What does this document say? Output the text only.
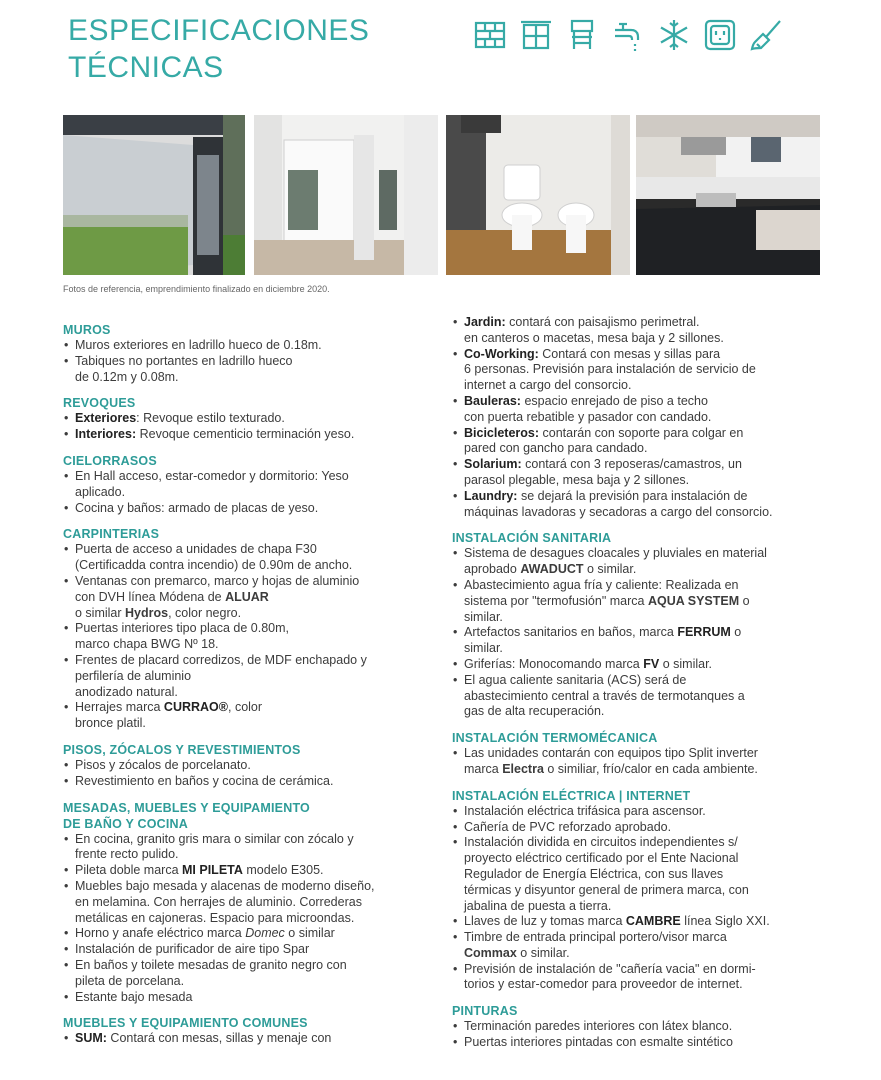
ESPECIFICACIONES
TÉCNICAS
Fotos de referencia, emprendimiento finalizado en diciembre 2020.
MUROS
• Muros exteriores en ladrillo hueco de 0.18m.
• Tabiques no portantes en ladrillo hueco
de 0.12m y 0.08m.
REVOQUES
• Exteriores: Revoque estilo texturado.
• Interiores: Revoque cementicio terminación yeso.
CIELORRASOS
• En Hall acceso, estar-comedor y dormitorio: Yeso
aplicado.
• Cocina y baños: armado de placas de yeso.
CARPINTERIAS
• Puerta de acceso a unidades de chapa F30
(Certificadda contra incendio) de 0.90m de ancho.
• Ventanas con premarco, marco y hojas de aluminio
con DVH línea Módena de ALUAR
o similar Hydros, color negro.
• Puertas interiores tipo placa de 0.80m,
marco chapa BWG Nº 18.
• Frentes de placard corredizos, de MDF enchapado y
perfilería de aluminio
anodizado natural.
• Herrajes marca CURRAO®, color
bronce platil.
PISOS, ZÓCALOS Y REVESTIMIENTOS
• Pisos y zócalos de porcelanato.
• Revestimiento en baños y cocina de cerámica.
MESADAS, MUEBLES Y EQUIPAMIENTO
DE BAÑO Y COCINA
• En cocina, granito gris mara o similar con zócalo y
frente recto pulido.
• Pileta doble marca MI PILETA modelo E305.
• Muebles bajo mesada y alacenas de moderno diseño,
en melamina. Con herrajes de aluminio. Correderas
metálicas en cajoneras. Espacio para microondas.
• Horno y anafe eléctrico marca Domec o similar
• Instalación de purificador de aire tipo Spar
• En baños y toilete mesadas de granito negro con
pileta de porcelana.
• Estante bajo mesada
MUEBLES Y EQUIPAMIENTO COMUNES
• SUM: Contará con mesas, sillas y menaje con
• Jardin: contará con paisajismo perimetral.
en canteros o macetas, mesa baja y 2 sillones.
• Co-Working: Contará con mesas y sillas para
6 personas. Previsión para instalación de servicio de
internet a cargo del consorcio.
• Bauleras: espacio enrejado de piso a techo
con puerta rebatible y pasador con candado.
• Bicicleteros: contarán con soporte para colgar en
pared con gancho para candado.
• Solarium: contará con 3 reposeras/camastros, un
parasol plegable, mesa baja y 2 sillones.
• Laundry: se dejará la previsión para instalación de
máquinas lavadoras y secadoras a cargo del consorcio.
INSTALACIÓN SANITARIA
• Sistema de desagues cloacales y pluviales en material
aprobado AWADUCT o similar.
• Abastecimiento agua fría y caliente: Realizada en
sistema por "termofusión" marca AQUA SYSTEM o
similar.
• Artefactos sanitarios en baños, marca FERRUM o
similar.
• Griferías: Monocomando marca FV o similar.
• El agua caliente sanitaria (ACS) será de
abastecimiento central a través de termotanques a
gas de alta recuperación.
INSTALACIÓN TERMOMÉCANICA
• Las unidades contarán con equipos tipo Split inverter
marca Electra o similiar, frío/calor en cada ambiente.
INSTALACIÓN ELÉCTRICA | INTERNET
• Instalación eléctrica trifásica para ascensor.
• Cañería de PVC reforzado aprobado.
• Instalación dividida en circuitos independientes s/
proyecto eléctrico certificado por el Ente Nacional
Regulador de Energía Eléctrica, con sus llaves
térmicas y disyuntor general de primera marca, con
jabalina de puesta a tierra.
• Llaves de luz y tomas marca CAMBRE línea Siglo XXI.
• Timbre de entrada principal portero/visor marca
Commax o similar.
• Previsión de instalación de "cañería vacia" en dormi-
torios y estar-comedor para proveedor de internet.
PINTURAS
• Terminación paredes interiores con látex blanco.
• Puertas interiores pintadas con esmalte sintético
